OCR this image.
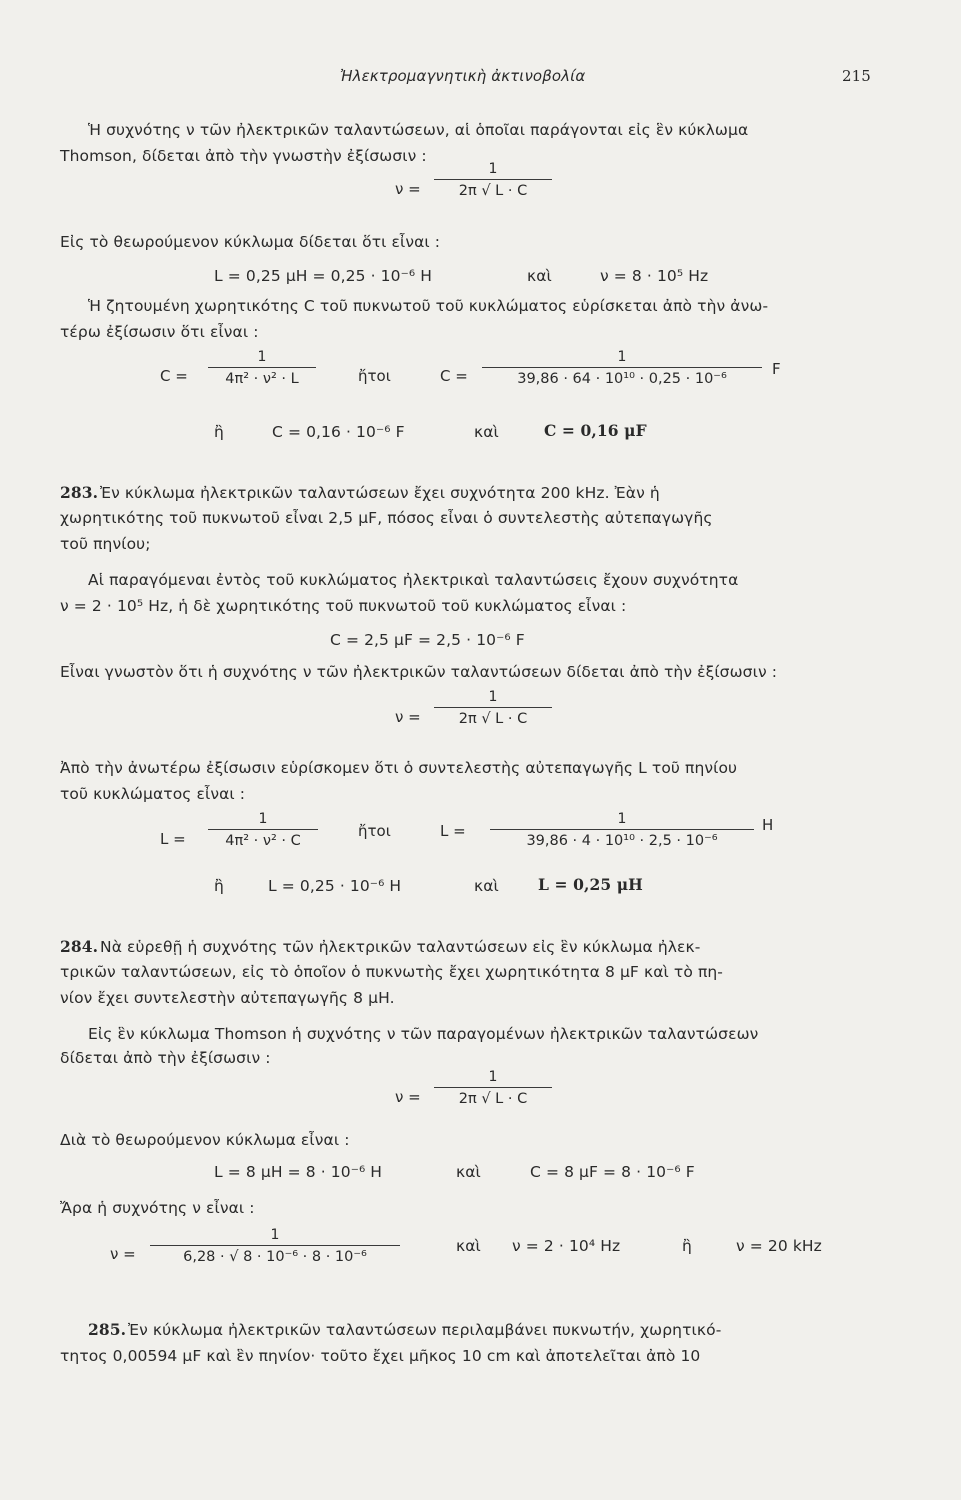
Ἠλεκτρομαγνητικὴ ἀκτινοβολία	215
Ἡ συχνότης ν τῶν ἠλεκτρικῶν ταλαντώσεων, αἱ ὁποῖαι παράγονται εἰς ἓν κύκλωμα
Thomson, δίδεται ἀπὸ τὴν γνωστὴν ἐξίσωσιν :
ν =
1
2π √ L · C
Εἰς τὸ θεωρούμενον κύκλωμα δίδεται ὅτι εἶναι :
L = 0,25 μH = 0,25 · 10⁻⁶ H	καὶ	ν = 8 · 10⁵ Hz
Ἡ ζητουμένη χωρητικότης C τοῦ πυκνωτοῦ τοῦ κυκλώματος εὑρίσκεται ἀπὸ τὴν ἀνω-
τέρω ἐξίσωσιν ὅτι εἶναι :
C =
1
4π² · ν² · L	ἤτοι	C =
1
39,86 · 64 · 10¹⁰ · 0,25 · 10⁻⁶
F
ἢ	C = 0,16 · 10⁻⁶ F	καὶ	C = 0,16 μF
283. Ἐν κύκλωμα ἠλεκτρικῶν ταλαντώσεων ἔχει συχνότητα 200 kHz. Ἐὰν ἡ
χωρητικότης τοῦ πυκνωτοῦ εἶναι 2,5 μF, πόσος εἶναι ὁ συντελεστὴς αὐτεπαγωγῆς
τοῦ πηνίου;
Αἱ παραγόμεναι ἐντὸς τοῦ κυκλώματος ἠλεκτρικαὶ ταλαντώσεις ἔχουν συχνότητα
ν = 2 · 10⁵ Hz, ἡ δὲ χωρητικότης τοῦ πυκνωτοῦ τοῦ κυκλώματος εἶναι :
C = 2,5 μF = 2,5 · 10⁻⁶ F
Εἶναι γνωστὸν ὅτι ἡ συχνότης ν τῶν ἠλεκτρικῶν ταλαντώσεων δίδεται ἀπὸ τὴν ἐξίσωσιν :
ν =
1
2π √ L · C
Ἀπὸ τὴν ἀνωτέρω ἐξίσωσιν εὑρίσκομεν ὅτι ὁ συντελεστὴς αὐτεπαγωγῆς L τοῦ πηνίου
τοῦ κυκλώματος εἶναι :
L =
1
4π² · ν² · C
ἤτοι	L =
1
39,86 · 4 · 10¹⁰ · 2,5 · 10⁻⁶
H
ἢ	L = 0,25 · 10⁻⁶ H	καὶ	L = 0,25 μH
284. Νὰ εὑρεθῇ ἡ συχνότης τῶν ἠλεκτρικῶν ταλαντώσεων εἰς ἓν κύκλωμα ἠλεκ-
τρικῶν ταλαντώσεων, εἰς τὸ ὁποῖον ὁ πυκνωτὴς ἔχει χωρητικότητα 8 μF καὶ τὸ πη-
νίον ἔχει συντελεστὴν αὐτεπαγωγῆς 8 μH.
Εἰς ἓν κύκλωμα Thomson ἡ συχνότης ν τῶν παραγομένων ἠλεκτρικῶν ταλαντώσεων
δίδεται ἀπὸ τὴν ἐξίσωσιν :
ν =
1
2π √ L · C
Διὰ τὸ θεωρούμενον κύκλωμα εἶναι :
L = 8 μH = 8 · 10⁻⁶ H	καὶ	C = 8 μF = 8 · 10⁻⁶ F
Ἄρα ἡ συχνότης ν εἶναι :
ν =
1
6,28 · √ 8 · 10⁻⁶ · 8 · 10⁻⁶
καὶ ν = 2 · 10⁴ Hz	ἢ	ν = 20 kHz
285. Ἐν κύκλωμα ἠλεκτρικῶν ταλαντώσεων περιλαμβάνει πυκνωτήν, χωρητικό-
τητος 0,00594 μF καὶ ἓν πηνίον· τοῦτο ἔχει μῆκος 10 cm καὶ ἀποτελεῖται ἀπὸ 10
